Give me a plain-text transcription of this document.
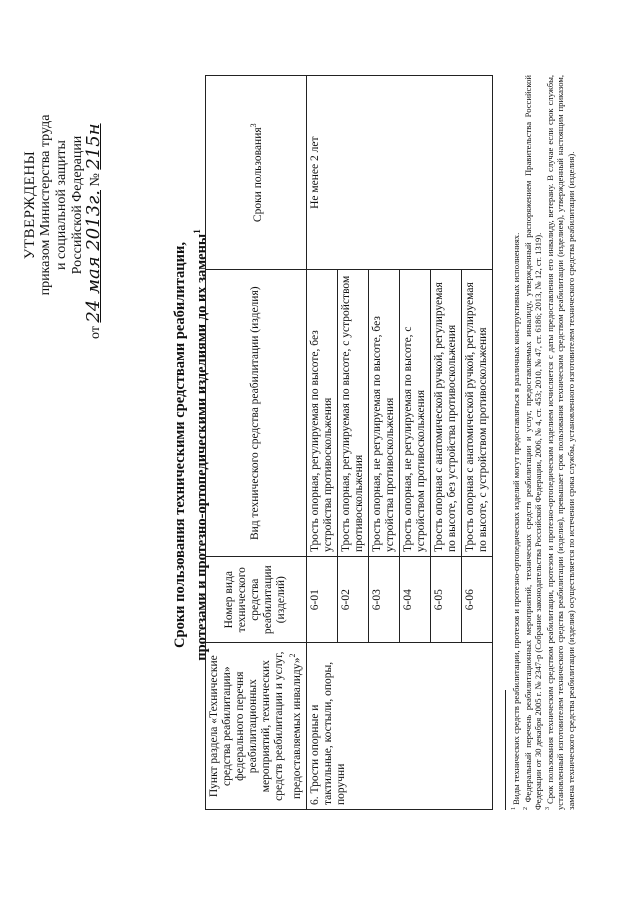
УТВЕРЖДЕНЫ приказом Министерства труда и социальной защиты Российской Федерации
от 24 мая 2013г. № 215н
Сроки пользования техническими средствами реабилитации, протезами и протезно-ортопедическими изделиями до их замены$^1$
Пункт раздела «Технические средства реабилитации» федерального перечня реабилитационных мероприятий, технических средств реабилитации и услуг, предоставляемых инвалиду»$^2$	Номер вида технического средства реабилитации (изделий)	Вид технического средства реабилитации (изделия)	Сроки пользования$^3$
6. Трости опорные и тактильные, костыли, опоры, поручни	6-01	Трость опорная, регулируемая по высоте, без устройства противоскольжения	Не менее 2 лет
	6-02	Трость опорная, регулируемая по высоте, с устройством противоскольжения	
	6-03	Трость опорная, не регулируемая по высоте, без устройства противоскольжения	
	6-04	Трость опорная, не регулируемая по высоте, с устройством противоскольжения	
	6-05	Трость опорная с анатомической ручкой, регулируемая по высоте, без устройства противоскольжения	
	6-06	Трость опорная с анатомической ручкой, регулируемая по высоте, с устройством противоскольжения	

$^1$ Виды технических средств реабилитации, протезов и протезно-ортопедических изделий могут предоставляться в различных конструктивных исполнениях.

$^2$ Федеральный перечень реабилитационных мероприятий, технических средств реабилитации и услуг, предоставляемых инвалиду, утвержденный распоряжением Правительства Российской Федерации от 30 декабря 2005 г. № 2347-р (Собрание законодательства Российской Федерации, 2006, № 4, ст. 453; 2010, № 47, ст. 6186; 2013, № 12, ст. 1319). $^3$ Срок пользования техническим средством реабилитации, протезом и протезно-ортопедическим изделием исчисляется с даты предоставления его инвалиду, ветерану. В случае если срок службы, установленный изготовителем технического средства реабилитации (изделия), превышает срок пользования техническим средством реабилитации (изделием), утвержденный настоящим приказом, замена технического средства реабилитации (изделия) осуществляется по истечении срока службы, установленного изготовителем технического средства реабилитации (изделия).
